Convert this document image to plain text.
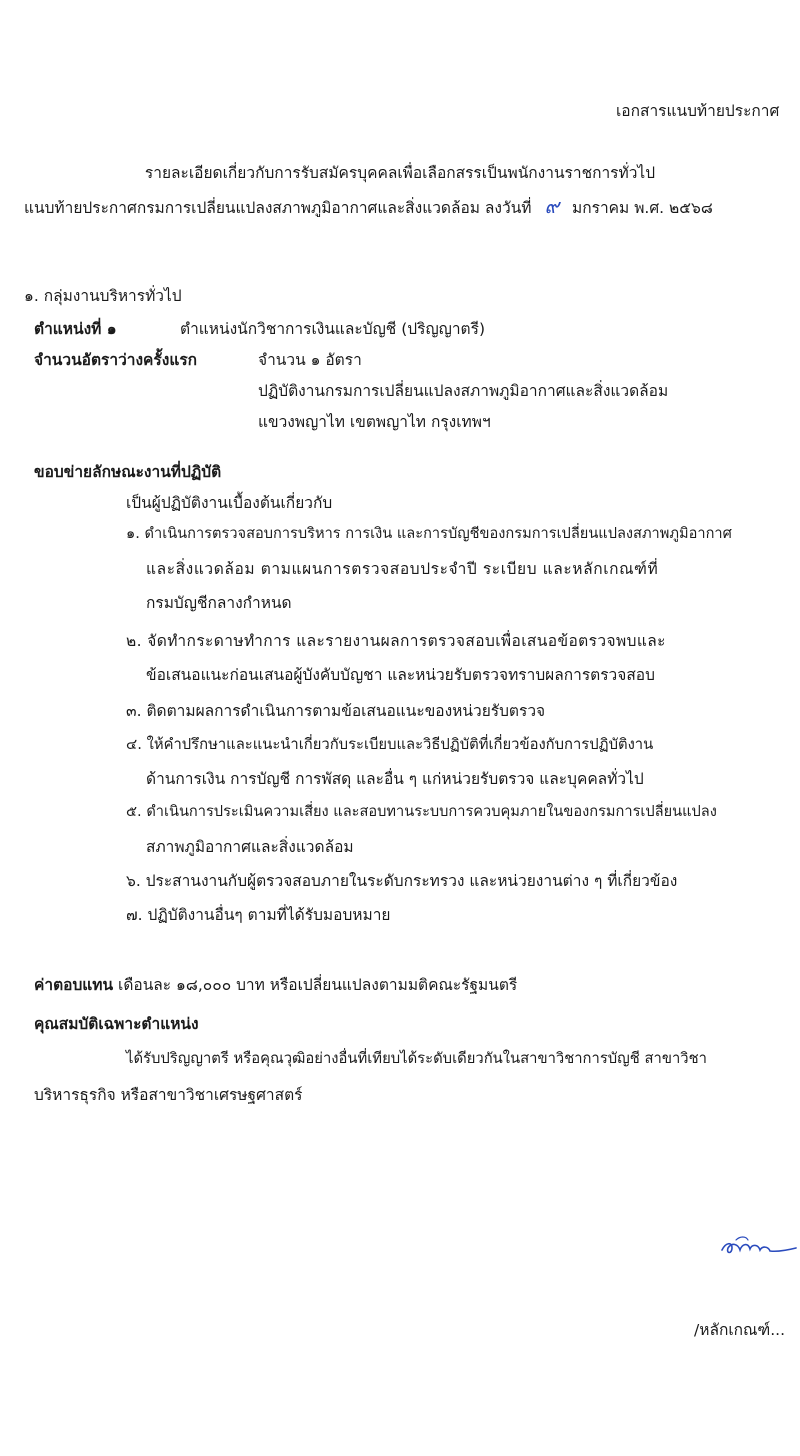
เอกสารแนบท้ายประกาศ
รายละเอียดเกี่ยวกับการรับสมัครบุคคลเพื่อเลือกสรรเป็นพนักงานราชการทั่วไป
แนบท้ายประกาศกรมการเปลี่ยนแปลงสภาพภูมิอากาศและสิ่งแวดล้อม ลงวันที่ ๙ มกราคม พ.ศ. ๒๕๖๘
๑. กลุ่มงานบริหารทั่วไป
ตำแหน่งที่ ๑	ตำแหน่งนักวิชาการเงินและบัญชี (ปริญญาตรี)
จำนวนอัตราว่างครั้งแรก	จำนวน ๑ อัตรา
ปฏิบัติงานกรมการเปลี่ยนแปลงสภาพภูมิอากาศและสิ่งแวดล้อม
แขวงพญาไท เขตพญาไท กรุงเทพฯ
ขอบข่ายลักษณะงานที่ปฏิบัติ
เป็นผู้ปฏิบัติงานเบื้องต้นเกี่ยวกับ
๑. ดำเนินการตรวจสอบการบริหาร การเงิน และการบัญชีของกรมการเปลี่ยนแปลงสภาพภูมิอากาศ
และสิ่งแวดล้อม ตามแผนการตรวจสอบประจำปี ระเบียบ และหลักเกณฑ์ที่
กรมบัญชีกลางกำหนด
๒. จัดทำกระดาษทำการ และรายงานผลการตรวจสอบเพื่อเสนอข้อตรวจพบและ
ข้อเสนอแนะก่อนเสนอผู้บังคับบัญชา และหน่วยรับตรวจทราบผลการตรวจสอบ
๓. ติดตามผลการดำเนินการตามข้อเสนอแนะของหน่วยรับตรวจ
๔. ให้คำปรึกษาและแนะนำเกี่ยวกับระเบียบและวิธีปฏิบัติที่เกี่ยวข้องกับการปฏิบัติงาน
ด้านการเงิน การบัญชี การพัสดุ และอื่น ๆ แก่หน่วยรับตรวจ และบุคคลทั่วไป
๕. ดำเนินการประเมินความเสี่ยง และสอบทานระบบการควบคุมภายในของกรมการเปลี่ยนแปลง
สภาพภูมิอากาศและสิ่งแวดล้อม
๖. ประสานงานกับผู้ตรวจสอบภายในระดับกระทรวง และหน่วยงานต่าง ๆ ที่เกี่ยวข้อง
๗. ปฏิบัติงานอื่นๆ ตามที่ได้รับมอบหมาย
ค่าตอบแทน เดือนละ ๑๘,๐๐๐ บาท หรือเปลี่ยนแปลงตามมติคณะรัฐมนตรี
คุณสมบัติเฉพาะตำแหน่ง
ได้รับปริญญาตรี หรือคุณวุฒิอย่างอื่นที่เทียบได้ระดับเดียวกันในสาขาวิชาการบัญชี สาขาวิชา
บริหารธุรกิจ หรือสาขาวิชาเศรษฐศาสตร์
/หลักเกณฑ์...
